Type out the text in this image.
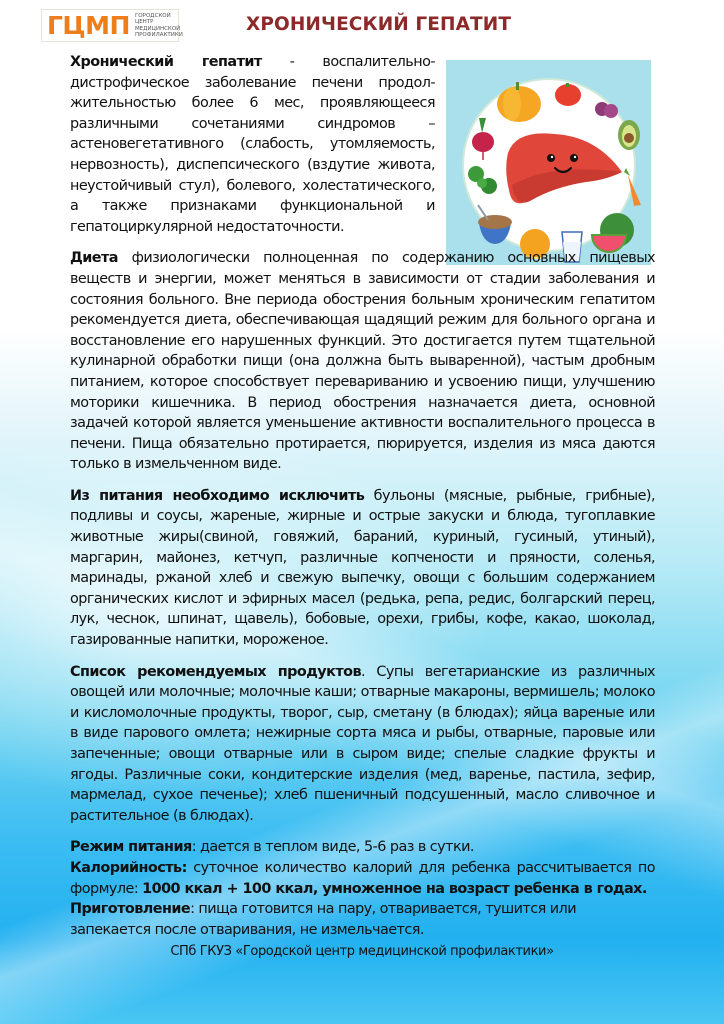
ГЦМП ГОРОДСКОЙ ЦЕНТР
МЕДИЦИНСКОЙ
ПРОФИЛАКТИКИ	ХРОНИЧЕСКИЙ ГЕПАТИТ

Хронический гепатит - воспалительно-дистрофическое заболевание печени продол-жительностью более 6 мес, проявляющееся различными сочетаниями синдромов – астеновегетативного (слабость, утомляемость, нервозность), диспепсического (вздутие живота, неустойчивый стул), болевого, холестатического, а также признаками функциональной и гепатоциркулярной недостаточности.

Диета физиологически полноценная по содержанию основных пищевых веществ и энергии, может меняться в зависимости от стадии заболевания и состояния больного. Вне периода обострения больным хроническим гепатитом рекомендуется диета, обеспечивающая щадящий режим для больного органа и восстановление его нарушенных функций. Это достигается путем тщательной кулинарной обработки пищи (она должна быть вываренной), частым дробным питанием, которое способствует перевариванию и усвоению пищи, улучшению моторики кишечника. В период обострения назначается диета, основной задачей которой является уменьшение активности воспалительного процесса в печени. Пища обязательно протирается, пюрируется, изделия из мяса даются только в измельченном виде.

Из питания необходимо исключить бульоны (мясные, рыбные, грибные), подливы и соусы, жареные, жирные и острые закуски и блюда, тугоплавкие животные жиры(свиной, говяжий, бараний, куриный, гусиный, утиный), маргарин, майонез, кетчуп, различные копчености и пряности, соленья, маринады, ржаной хлеб и свежую выпечку, овощи с большим содержанием органических кислот и эфирных масел (редька, репа, редис, болгарский перец, лук, чеснок, шпинат, щавель), бобовые, орехи, грибы, кофе, какао, шоколад, газированные напитки, мороженое.

Список рекомендуемых продуктов. Супы вегетарианские из различных овощей или молочные; молочные каши; отварные макароны, вермишель; молоко и кисломолочные продукты, творог, сыр, сметану (в блюдах); яйца вареные или в виде парового омлета; нежирные сорта мяса и рыбы, отварные, паровые или запеченные; овощи отварные или в сыром виде; спелые сладкие фрукты и ягоды. Различные соки, кондитерские изделия (мед, варенье, пастила, зефир, мармелад, сухое печенье); хлеб пшеничный подсушенный, масло сливочное и растительное (в блюдах).

Режим питания: дается в теплом виде, 5-6 раз в сутки.

Калорийность: суточное количество калорий для ребенка рассчитывается по формуле: 1000 ккал + 100 ккал, умноженное на возраст ребенка в годах.

Приготовление: пища готовится на пару, отваривается, тушится или запекается после отваривания, не измельчается.

СПб ГКУЗ «Городской центр медицинской профилактики»
